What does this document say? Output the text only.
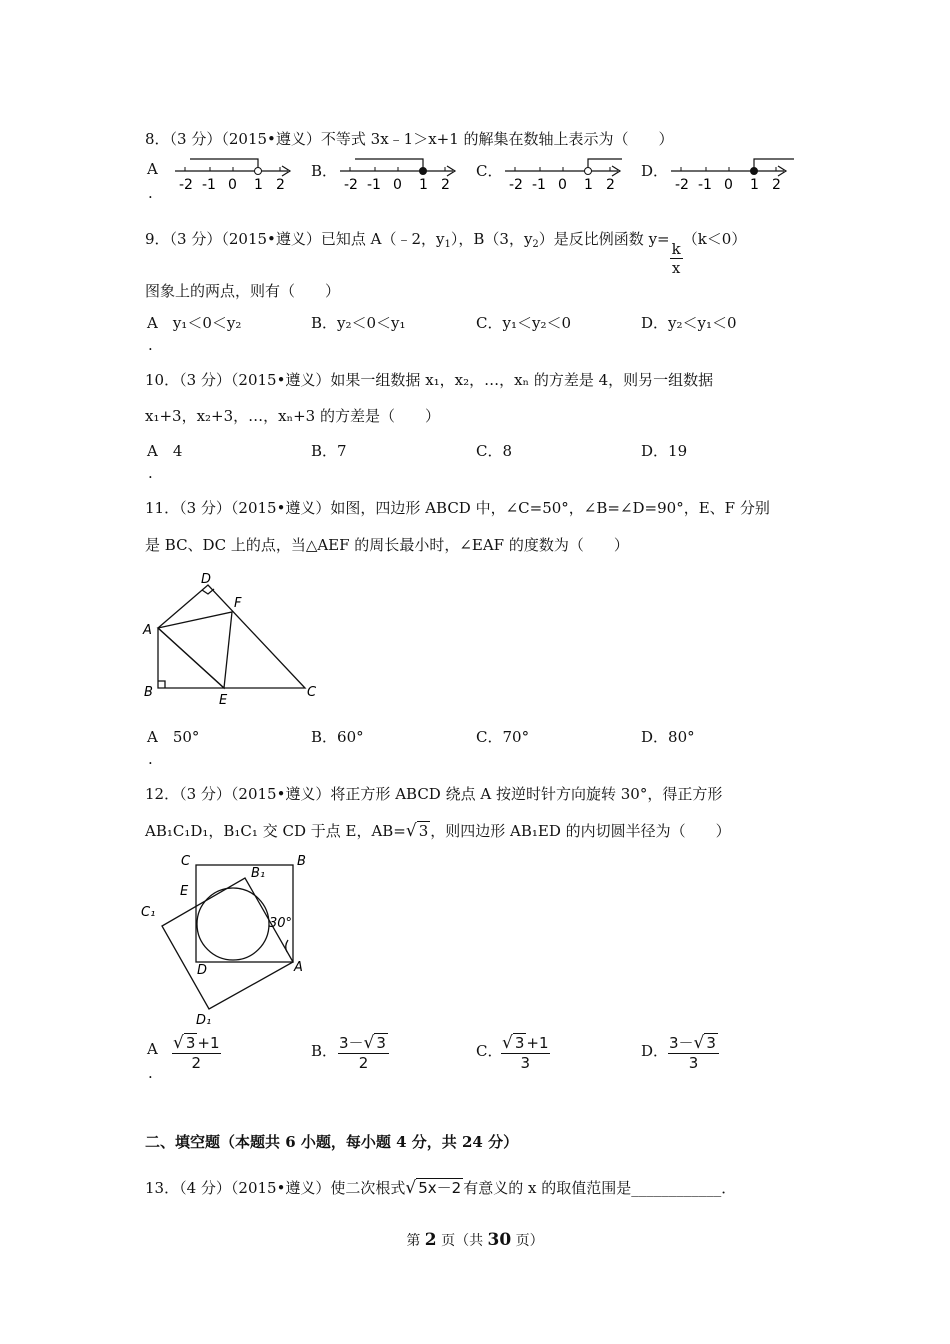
8．（3 分）（2015•遵义）不等式 3x﹣1＞x+1 的解集在数轴上表示为（　　）
A
. -2 -1 0 1 2
B．
-2 -1 0 1 2
C．
-2 -1 0 1 2
D．
-2 -1 0 1 2
9．（3 分）（2015•遵义）已知点 A（﹣2，$y_1$），B（3，$y_2$）是反比例函数 y=
$\frac{k}{x}$
（k＜0）
图象上的两点，则有（　　）
A　y₁＜0＜y₂
.
B．y₂＜0＜y₁	C．y₁＜y₂＜0	D．y₂＜y₁＜0
10．（3 分）（2015•遵义）如果一组数据 x₁，x₂，…，xₙ 的方差是 4，则另一组数据
x₁+3，x₂+3，…，xₙ+3 的方差是（　　）
A　4
.
B．7	C．8	D．19
11．（3 分）（2015•遵义）如图，四边形 ABCD 中，∠C=50°，∠B=∠D=90°，E、F 分别
是 BC、DC 上的点，当△AEF 的周长最小时，∠EAF 的度数为（　　）
D
F
A
B
E
C
A　50°
.
B．60°	C．70°	D．80°
12．（3 分）（2015•遵义）将正方形 ABCD 绕点 A 按逆时针方向旋转 30°，得正方形
AB₁C₁D₁，B₁C₁ 交 CD 于点 E，AB=√ 3 ，则四边形 AB₁ED 的内切圆半径为（　　）
C	B
E
B₁
C₁
30°
D	A
D₁
A
.
$\frac{√ 3 +1}{2}$	B． $\frac{3-√ 3}{2}$	C．
$\frac{√ 3 +1}{3}$	D． $\frac{3-√ 3}{3}$
二、填空题（本题共 6 小题，每小题 4 分，共 24 分）
13．（4 分）（2015•遵义）使二次根式√ 5x－2 有意义的 x 的取值范围是____________．
第 2 页（共 30 页）
